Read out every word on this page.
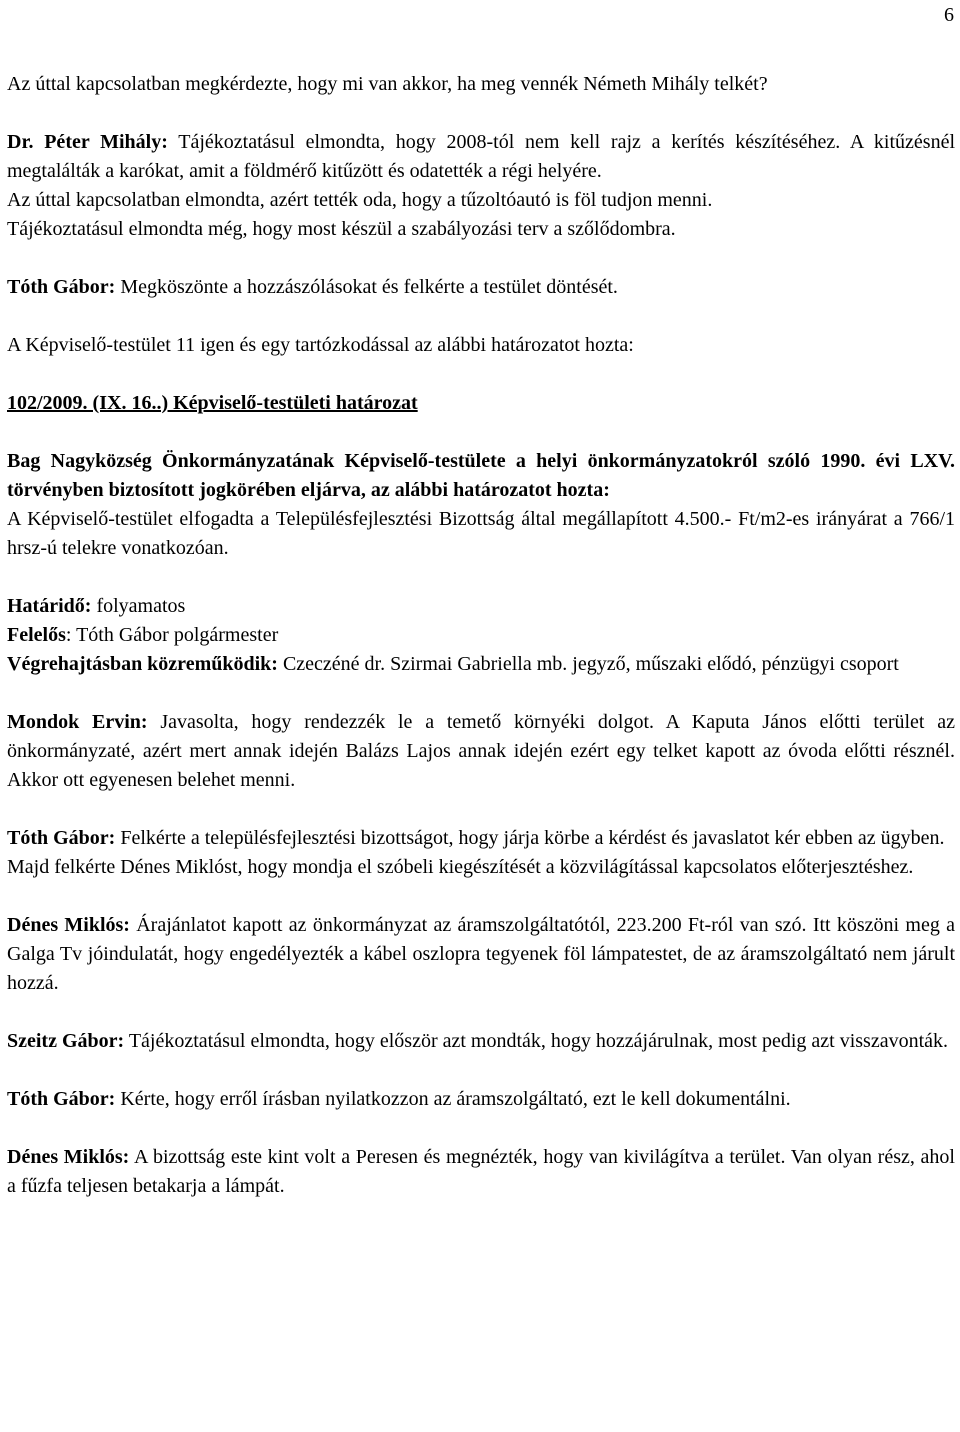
6

Az úttal kapcsolatban megkérdezte, hogy mi van akkor, ha meg vennék Németh Mihály telkét?

Dr. Péter Mihály: Tájékoztatásul elmondta, hogy 2008-tól nem kell rajz a kerítés készítéséhez. A kitűzésnél megtalálták a karókat, amit a földmérő kitűzött és odatették a régi helyére.

Az úttal kapcsolatban elmondta, azért tették oda, hogy a tűzoltóautó is föl tudjon menni.

Tájékoztatásul elmondta még, hogy most készül a szabályozási terv a szőlődombra.

Tóth Gábor: Megköszönte a hozzászólásokat és felkérte a testület döntését.

A Képviselő-testület 11 igen és egy tartózkodással az alábbi határozatot hozta:

102/2009. (IX. 16..) Képviselő-testületi határozat

Bag Nagyközség Önkormányzatának Képviselő-testülete a helyi önkormányzatokról szóló 1990. évi LXV. törvényben biztosított jogkörében eljárva, az alábbi határozatot hozta:

A Képviselő-testület elfogadta a Településfejlesztési Bizottság által megállapított 4.500.- Ft/m2-es irányárat a 766/1 hrsz-ú telekre vonatkozóan.

Határidő: folyamatos

Felelős: Tóth Gábor polgármester

Végrehajtásban közreműködik: Czeczéné dr. Szirmai Gabriella mb. jegyző, műszaki elődó, pénzügyi csoport

Mondok Ervin: Javasolta, hogy rendezzék le a temető környéki dolgot. A Kaputa János előtti terület az önkormányzaté, azért mert annak idején Balázs Lajos annak idején ezért egy telket kapott az óvoda előtti résznél. Akkor ott egyenesen belehet menni.

Tóth Gábor: Felkérte a településfejlesztési bizottságot, hogy járja körbe a kérdést és javaslatot kér ebben az ügyben.

Majd felkérte Dénes Miklóst, hogy mondja el szóbeli kiegészítését a közvilágítással kapcsolatos előterjesztéshez.

Dénes Miklós: Árajánlatot kapott az önkormányzat az áramszolgáltatótól, 223.200 Ft-ról van szó. Itt köszöni meg a Galga Tv jóindulatát, hogy engedélyezték a kábel oszlopra tegyenek föl lámpatestet, de az áramszolgáltató nem járult hozzá.

Szeitz Gábor: Tájékoztatásul elmondta, hogy először azt mondták, hogy hozzájárulnak, most pedig azt visszavonták.

Tóth Gábor: Kérte, hogy erről írásban nyilatkozzon az áramszolgáltató, ezt le kell dokumentálni.

Dénes Miklós: A bizottság este kint volt a Peresen és megnézték, hogy van kivilágítva a terület. Van olyan rész, ahol a fűzfa teljesen betakarja a lámpát.
